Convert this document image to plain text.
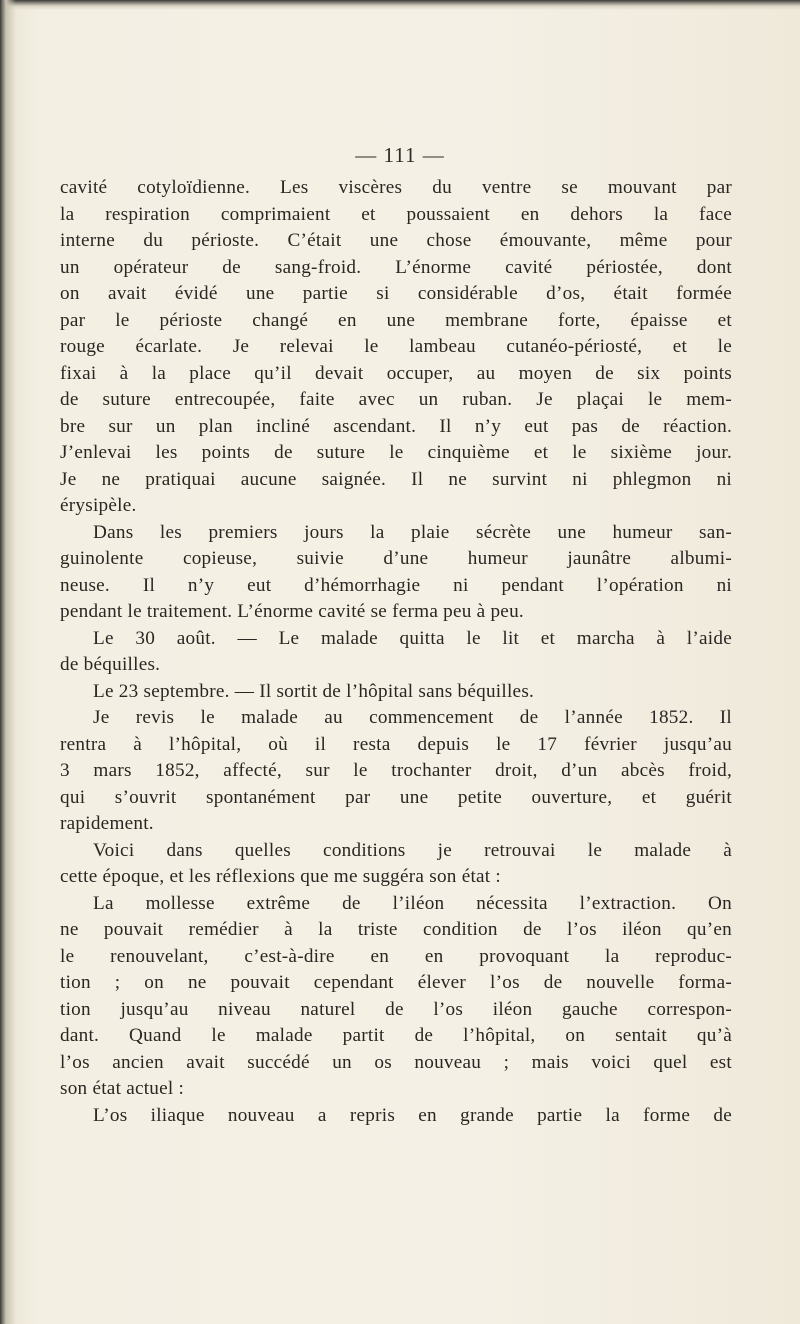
— 111 —
cavité cotyloïdienne. Les viscères du ventre se mouvant par
la respiration comprimaient et poussaient en dehors la face
interne du périoste. C’était une chose émouvante, même pour
un opérateur de sang-froid. L’énorme cavité périostée, dont
on avait évidé une partie si considérable d’os, était formée
par le périoste changé en une membrane forte, épaisse et
rouge écarlate. Je relevai le lambeau cutanéo-périosté, et le
fixai à la place qu’il devait occuper, au moyen de six points
de suture entrecoupée, faite avec un ruban. Je plaçai le mem-
bre sur un plan incliné ascendant. Il n’y eut pas de réaction.
J’enlevai les points de suture le cinquième et le sixième jour.
Je ne pratiquai aucune saignée. Il ne survint ni phlegmon ni
érysipèle.
Dans les premiers jours la plaie sécrète une humeur san-
guinolente copieuse, suivie d’une humeur jaunâtre albumi-
neuse. Il n’y eut d’hémorrhagie ni pendant l’opération ni
pendant le traitement. L’énorme cavité se ferma peu à peu.
Le 30 août. — Le malade quitta le lit et marcha à l’aide
de béquilles.
Le 23 septembre. — Il sortit de l’hôpital sans béquilles.
Je revis le malade au commencement de l’année 1852. Il
rentra à l’hôpital, où il resta depuis le 17 février jusqu’au
3 mars 1852, affecté, sur le trochanter droit, d’un abcès froid,
qui s’ouvrit spontanément par une petite ouverture, et guérit
rapidement.
Voici dans quelles conditions je retrouvai le malade à
cette époque, et les réflexions que me suggéra son état :
La mollesse extrême de l’iléon nécessita l’extraction. On
ne pouvait remédier à la triste condition de l’os iléon qu’en
le renouvelant, c’est-à-dire en en provoquant la reproduc-
tion ; on ne pouvait cependant élever l’os de nouvelle forma-
tion jusqu’au niveau naturel de l’os iléon gauche correspon-
dant. Quand le malade partit de l’hôpital, on sentait qu’à
l’os ancien avait succédé un os nouveau ; mais voici quel est
son état actuel :
L’os iliaque nouveau a repris en grande partie la forme de
